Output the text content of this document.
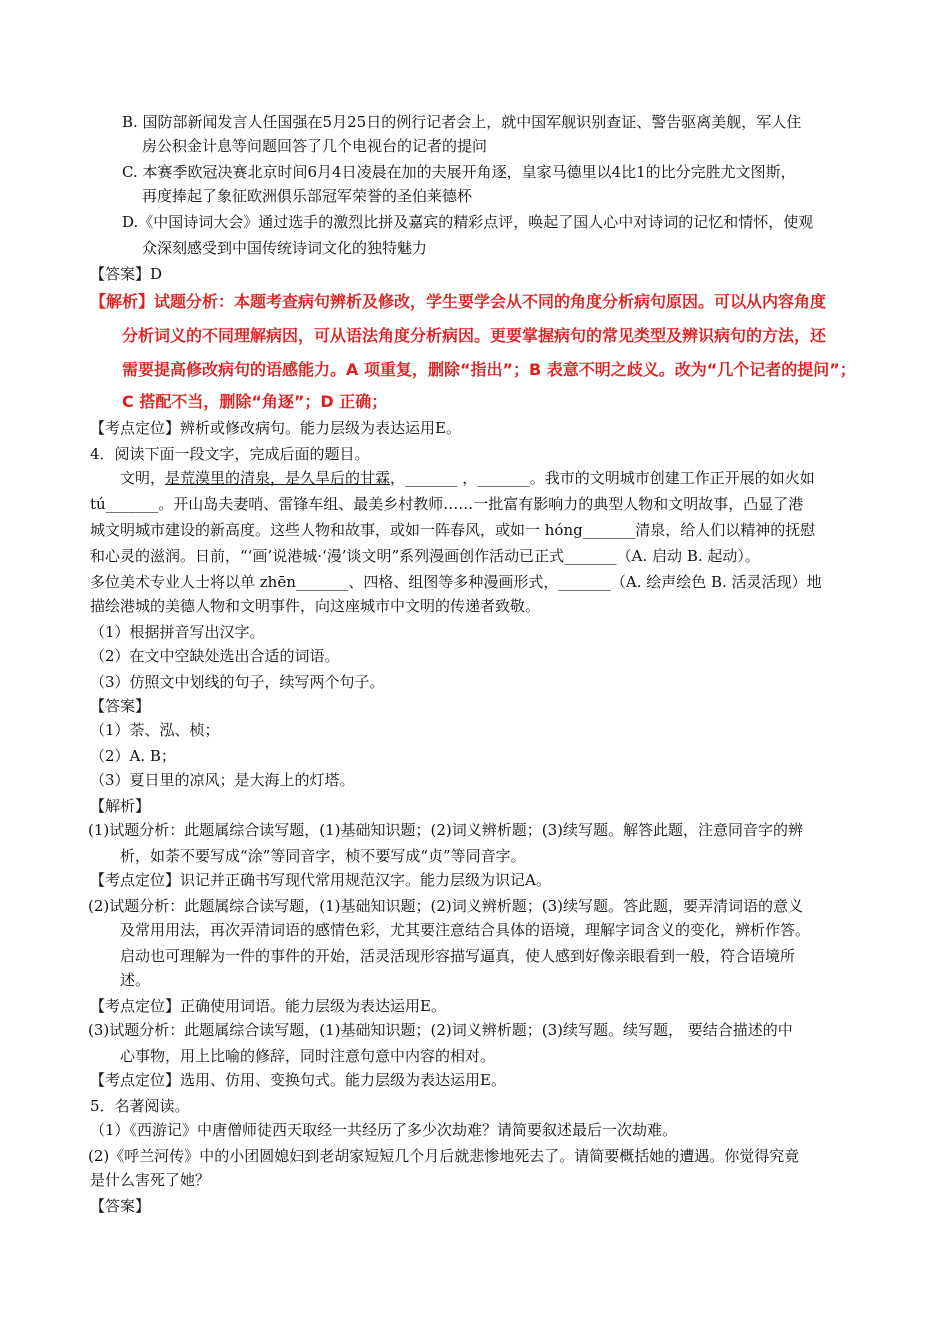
B. 国防部新闻发言人任国强在5月25日的例行记者会上，就中国军舰识别查证、警告驱离美舰，军人住
房公积金计息等问题回答了几个电视台的记者的提问
C. 本赛季欧冠决赛北京时间6月4日凌晨在加的夫展开角逐，皇家马德里以4比1的比分完胜尤文图斯，
再度捧起了象征欧洲俱乐部冠军荣誉的圣伯莱德杯
D.《中国诗词大会》通过选手的激烈比拼及嘉宾的精彩点评，唤起了国人心中对诗词的记忆和情怀，使观
众深刻感受到中国传统诗词文化的独特魅力
【答案】D
【解析】试题分析：本题考查病句辨析及修改，学生要学会从不同的角度分析病句原因。可以从内容角度
分析词义的不同理解病因，可从语法角度分析病因。更要掌握病句的常见类型及辨识病句的方法，还
需要提高修改病句的语感能力。A 项重复，删除“指出”；B 表意不明之歧义。改为“几个记者的提问”；
C 搭配不当，删除“角逐”；D 正确；
【考点定位】辨析或修改病句。能力层级为表达运用E。
4．阅读下面一段文字，完成后面的题目。
文明，是荒漠里的清泉，是久旱后的甘霖，_______ ，_______。我市的文明城市创建工作正开展的如火如
tú_______。开山岛夫妻哨、雷锋车组、最美乡村教师……一批富有影响力的典型人物和文明故事，凸显了港
城文明城市建设的新高度。这些人物和故事，或如一阵春风，或如一 hóng_______清泉，给人们以精神的抚慰
和心灵的滋润。日前，“‘画’说港城·‘漫’谈文明”系列漫画创作活动已正式_______（A. 启动 B. 起动）。
多位美术专业人士将以单 zhēn_______、四格、组图等多种漫画形式，_______（A. 绘声绘色 B. 活灵活现）地
描绘港城的美德人物和文明事件，向这座城市中文明的传递者致敬。
（1）根据拼音写出汉字。
（2）在文中空缺处选出合适的词语。
（3）仿照文中划线的句子，续写两个句子。
【答案】
（1）荼、泓、桢；
（2）A. B；
（3）夏日里的凉风；是大海上的灯塔。
【解析】
(1)试题分析：此题属综合读写题，(1)基础知识题；(2)词义辨析题；(3)续写题。解答此题，注意同音字的辨
析，如荼不要写成“涂”等同音字，桢不要写成“贞”等同音字。
【考点定位】识记并正确书写现代常用规范汉字。能力层级为识记A。
(2)试题分析：此题属综合读写题，(1)基础知识题；(2)词义辨析题；(3)续写题。答此题，要弄清词语的意义
及常用用法，再次弄清词语的感情色彩，尤其要注意结合具体的语境，理解字词含义的变化，辨析作答。
启动也可理解为一件的事件的开始，活灵活现形容描写逼真，使人感到好像亲眼看到一般，符合语境所
述。
【考点定位】正确使用词语。能力层级为表达运用E。
(3)试题分析：此题属综合读写题，(1)基础知识题；(2)词义辨析题；(3)续写题。续写题， 要结合描述的中
心事物，用上比喻的修辞，同时注意句意中内容的相对。
【考点定位】选用、仿用、变换句式。能力层级为表达运用E。
5．名著阅读。
（1）《西游记》中唐僧师徒西天取经一共经历了多少次劫难？请简要叙述最后一次劫难。
(2)《呼兰河传》中的小团圆媳妇到老胡家短短几个月后就悲惨地死去了。请简要概括她的遭遇。你觉得究竟
是什么害死了她？
【答案】
